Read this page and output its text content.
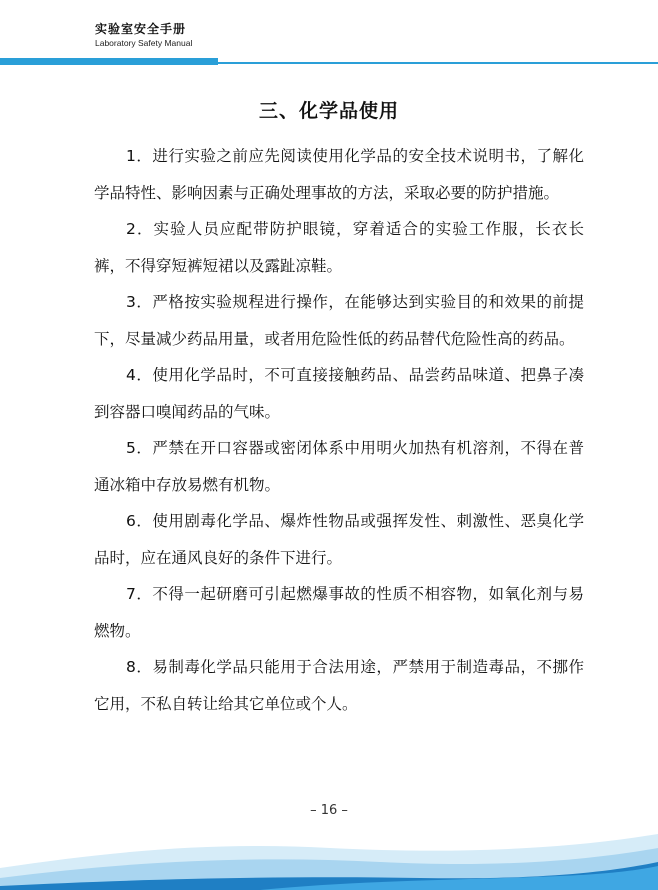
实验室安全手册
Laboratory Safety Manual
三、化学品使用

1．进行实验之前应先阅读使用化学品的安全技术说明书，了解化学品特性、影响因素与正确处理事故的方法，采取必要的防护措施。

2．实验人员应配带防护眼镜，穿着适合的实验工作服，长衣长裤，不得穿短裤短裙以及露趾凉鞋。

3．严格按实验规程进行操作，在能够达到实验目的和效果的前提下，尽量减少药品用量，或者用危险性低的药品替代危险性高的药品。

4．使用化学品时，不可直接接触药品、品尝药品味道、把鼻子凑到容器口嗅闻药品的气味。

5．严禁在开口容器或密闭体系中用明火加热有机溶剂，不得在普通冰箱中存放易燃有机物。

6．使用剧毒化学品、爆炸性物品或强挥发性、刺激性、恶臭化学品时，应在通风良好的条件下进行。

7．不得一起研磨可引起燃爆事故的性质不相容物，如氧化剂与易燃物。

8．易制毒化学品只能用于合法用途，严禁用于制造毒品，不挪作它用，不私自转让给其它单位或个人。

– 16 –
